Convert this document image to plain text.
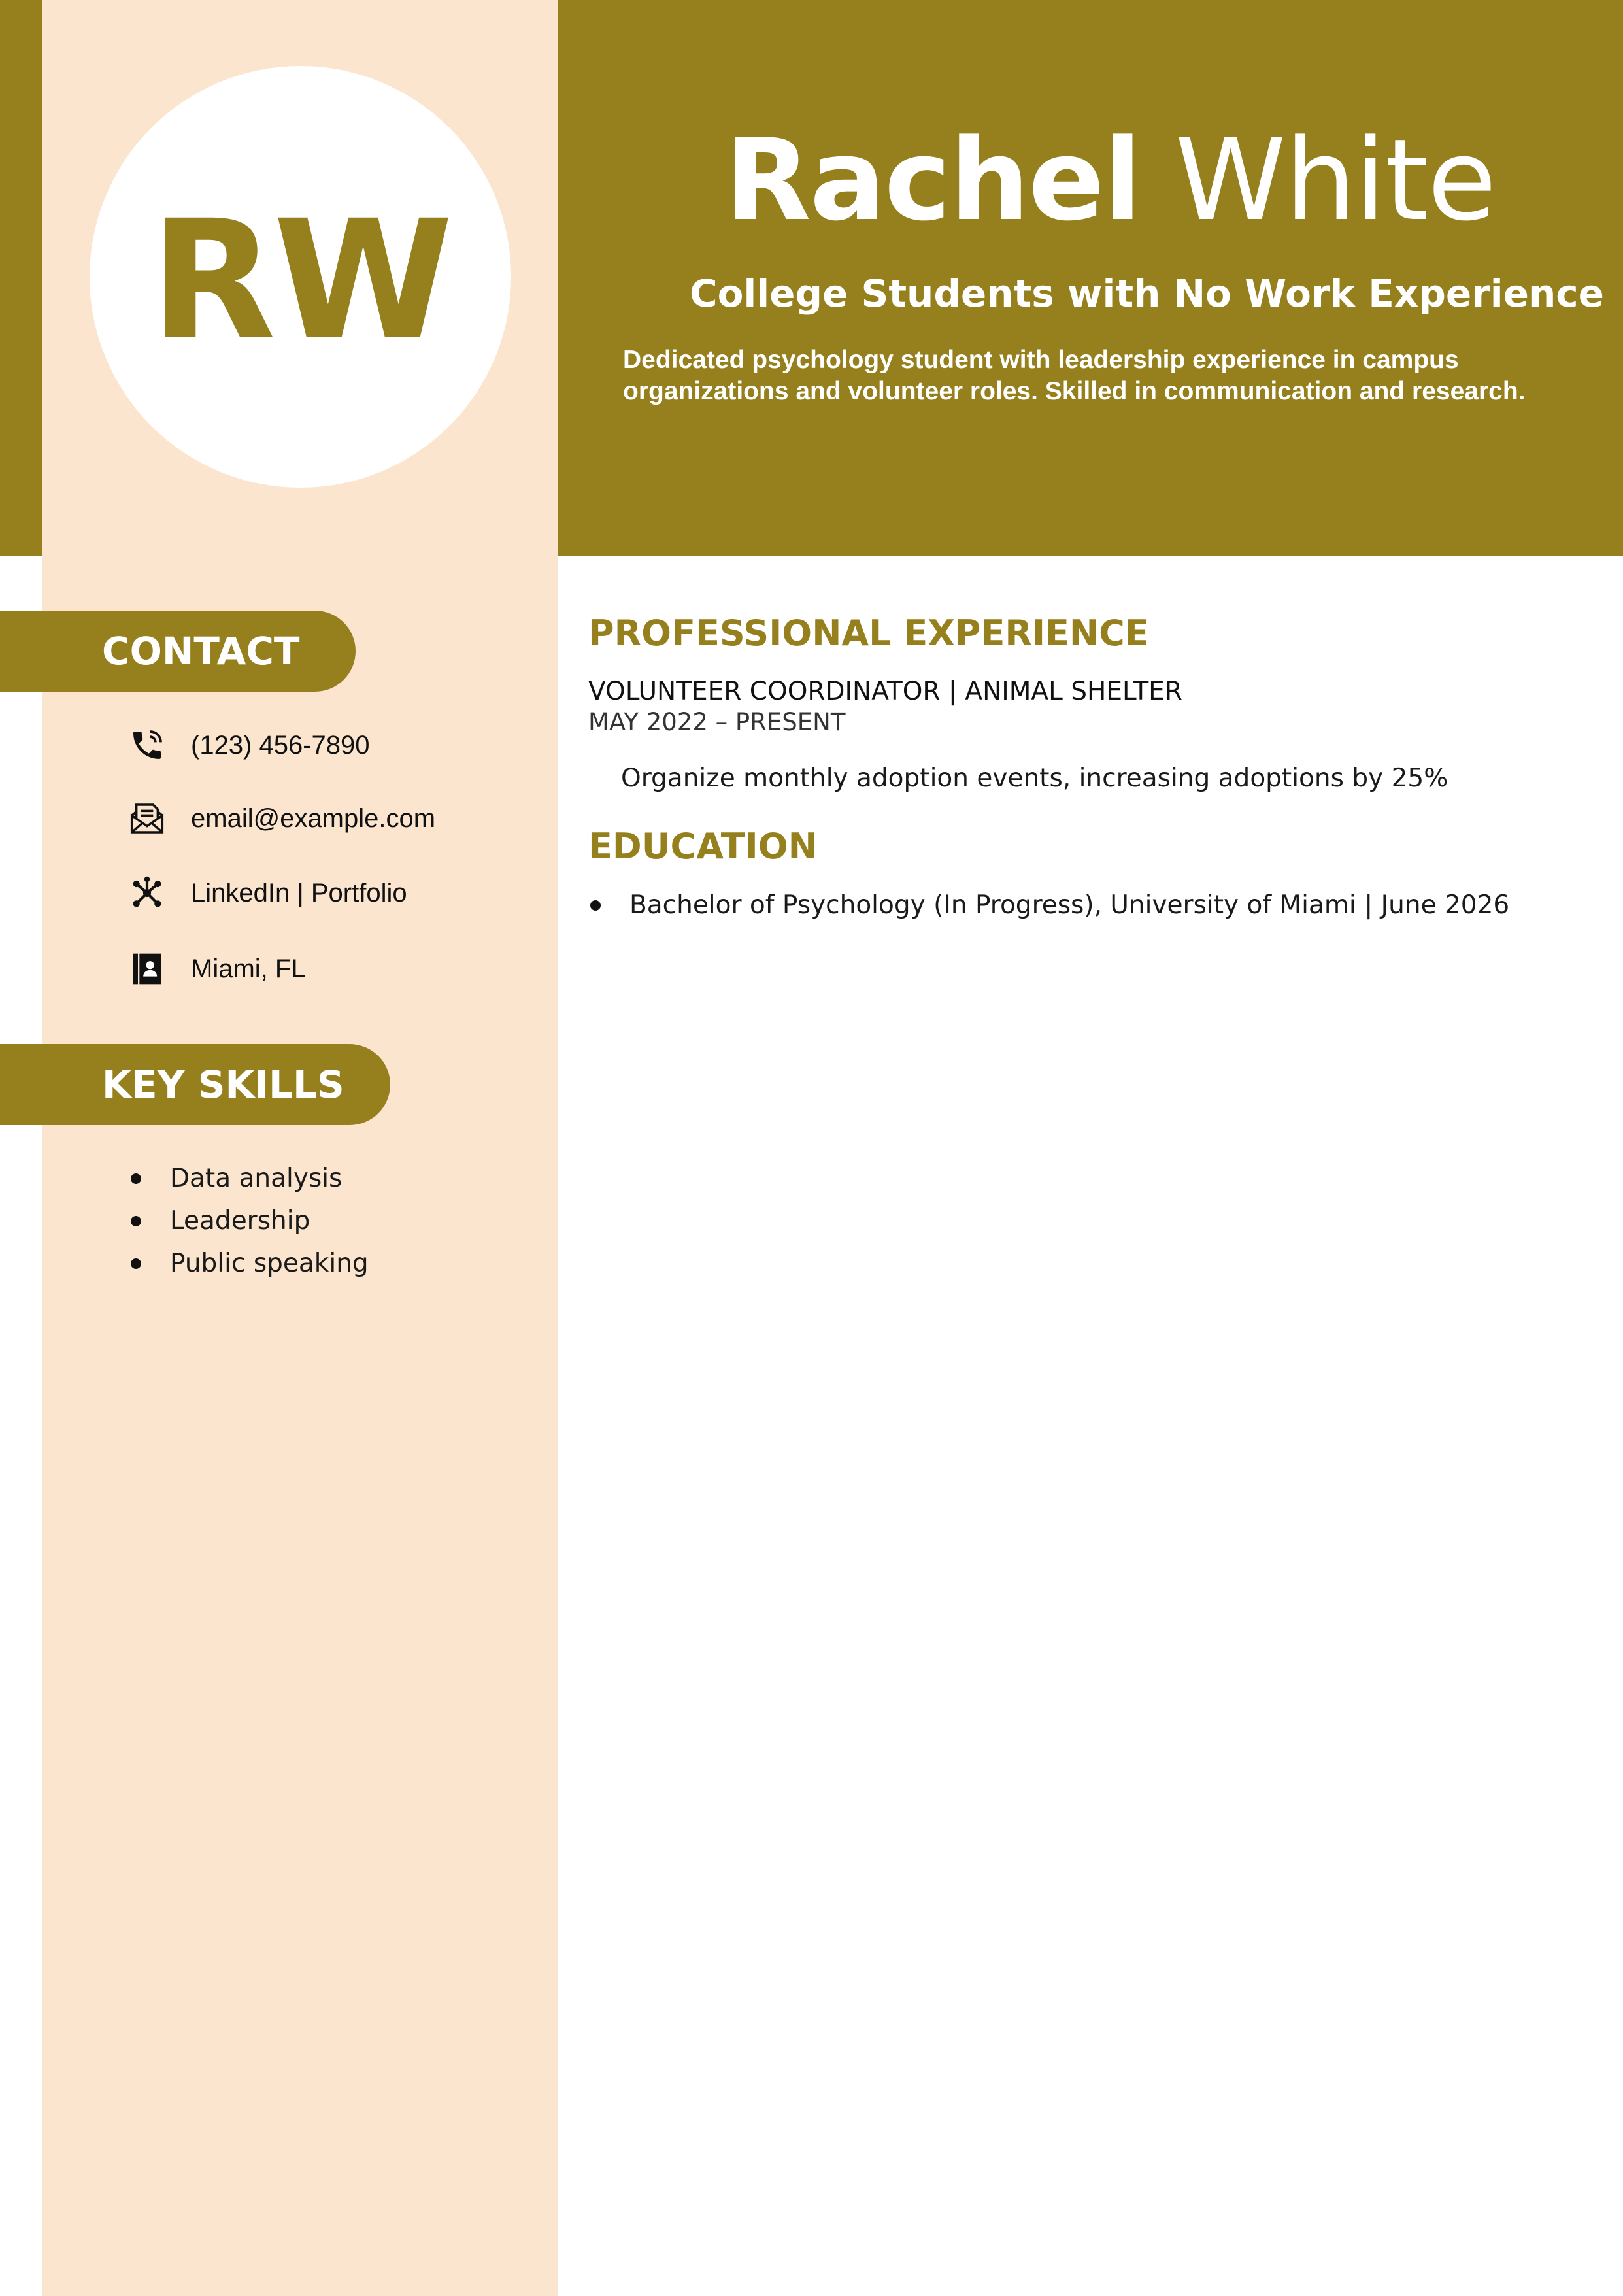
RW
Rachel White
College Students with No Work Experience
Dedicated psychology student with leadership experience in campus organizations and volunteer roles. Skilled in communication and research.
CONTACT
(123) 456-7890
email@example.com
LinkedIn | Portfolio
Miami, FL
KEY SKILLS
Data analysis
Leadership
Public speaking
PROFESSIONAL EXPERIENCE
VOLUNTEER COORDINATOR | ANIMAL SHELTER
MAY 2022 – PRESENT
Organize monthly adoption events, increasing adoptions by 25%
EDUCATION
Bachelor of Psychology (In Progress), University of Miami | June 2026
